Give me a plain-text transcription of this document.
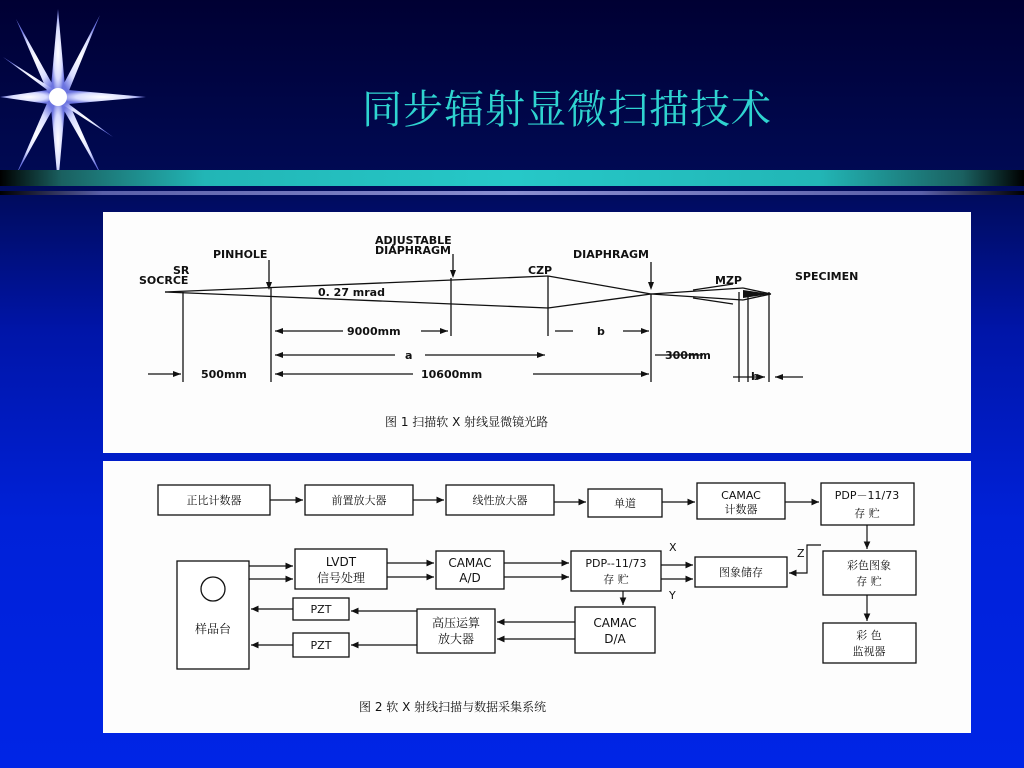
同步辐射显微扫描技术
SR
SOCRCE
PINHOLE
ADJUSTABLE
DIAPHRAGM	DIAPHRAGM
CZP
MZP	SPECIMEN
0. 27 mrad
9000mm	b
a	300mm
500mm	10600mm	b
图 1 扫描软 X 射线显微镜光路
正比计数器	前置放大器	线性放大器	单道
CAMAC
计数器
PDP－11/73
存 贮
LVDT
信号处理
CAMAC
A/D
PDP--11/73
存 贮
图象储存
彩色图象
存 贮
样品台
PZT
PZT
高压运算
放大器
CAMAC
D/A	彩 色
监视器
X
Y
Z
图 2 软 X 射线扫描与数据采集系统
